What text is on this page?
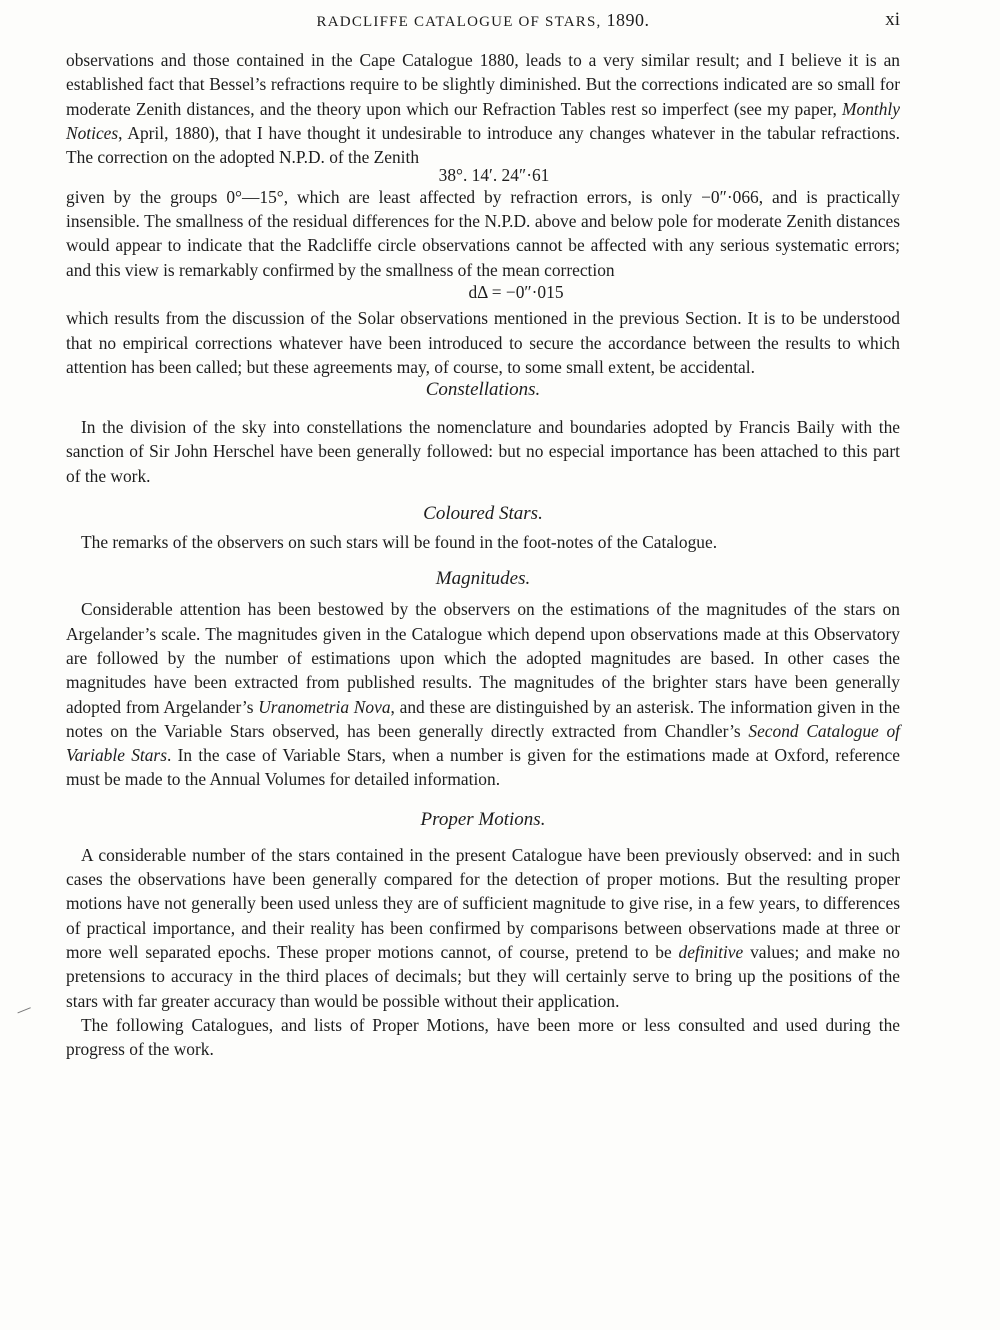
RADCLIFFE CATALOGUE OF STARS, 1890.	xi

observations and those contained in the Cape Catalogue 1880, leads to a very similar result; and I believe it is an established fact that Bessel’s refractions require to be slightly diminished. But the corrections indicated are so small for moderate Zenith distances, and the theory upon which our Refraction Tables rest so imperfect (see my paper, Monthly Notices, April, 1880), that I have thought it undesirable to introduce any changes whatever in the tabular refractions. The correction on the adopted N.P.D. of the Zenith

38°. 14′. 24″·61

given by the groups 0°—15°, which are least affected by refraction errors, is only −0″·066, and is practically insensible. The smallness of the residual differences for the N.P.D. above and below pole for moderate Zenith distances would appear to indicate that the Radcliffe circle observations cannot be affected with any serious systematic errors; and this view is remarkably confirmed by the smallness of the mean correction

dΔ = −0″·015

which results from the discussion of the Solar observations mentioned in the previous Section. It is to be understood that no empirical corrections whatever have been introduced to secure the accordance between the results to which attention has been called; but these agreements may, of course, to some small extent, be accidental.

Constellations.

In the division of the sky into constellations the nomenclature and boundaries adopted by Francis Baily with the sanction of Sir John Herschel have been generally followed: but no especial importance has been attached to this part of the work.

Coloured Stars.

The remarks of the observers on such stars will be found in the foot-notes of the Catalogue.

Magnitudes.

Considerable attention has been bestowed by the observers on the estimations of the magnitudes of the stars on Argelander’s scale. The magnitudes given in the Catalogue which depend upon observations made at this Observatory are followed by the number of estimations upon which the adopted magnitudes are based. In other cases the magnitudes have been extracted from published results. The magnitudes of the brighter stars have been generally adopted from Argelander’s Uranometria Nova, and these are distinguished by an asterisk. The information given in the notes on the Variable Stars observed, has been generally directly extracted from Chandler’s Second Catalogue of Variable Stars. In the case of Variable Stars, when a number is given for the estimations made at Oxford, reference must be made to the Annual Volumes for detailed information.

Proper Motions.

A considerable number of the stars contained in the present Catalogue have been previously observed: and in such cases the observations have been generally compared for the detection of proper motions. But the resulting proper motions have not generally been used unless they are of sufficient magnitude to give rise, in a few years, to differences of practical importance, and their reality has been confirmed by comparisons between observations made at three or more well separated epochs. These proper motions cannot, of course, pretend to be definitive values; and make no pretensions to accuracy in the third places of decimals; but they will certainly serve to bring up the positions of the stars with far greater accuracy than would be possible without their application.

The following Catalogues, and lists of Proper Motions, have been more or less consulted and used during the progress of the work.
